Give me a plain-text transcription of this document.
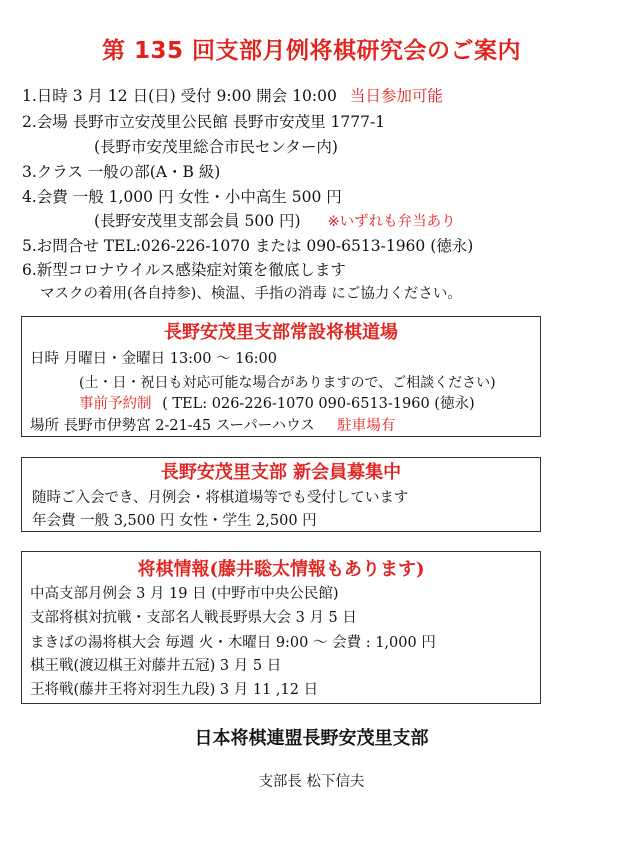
第 135 回支部月例将棋研究会のご案内
1.日時 3 月 12 日(日) 受付 9:00 開会 10:00 当日参加可能
2.会場 長野市立安茂里公民館 長野市安茂里 1777-1
(長野市安茂里総合市民センター内)
3.クラス 一般の部(A・B 級)
4.会費 一般 1,000 円 女性・小中高生 500 円
(長野安茂里支部会員 500 円) ※いずれも弁当あり
5.お問合せ TEL:026-226-1070 または 090-6513-1960 (徳永)
6.新型コロナウイルス感染症対策を徹底します
マスクの着用(各自持参)、検温、手指の消毒 にご協力ください。
長野安茂里支部常設将棋道場
日時 月曜日・金曜日 13:00 ～ 16:00
(土・日・祝日も対応可能な場合がありますので、ご相談ください)
事前予約制 ( TEL: 026-226-1070 090-6513-1960 (徳永)
場所 長野市伊勢宮 2-21-45 スーパーハウス 駐車場有
長野安茂里支部 新会員募集中
随時ご入会でき、月例会・将棋道場等でも受付しています
年会費 一般 3,500 円 女性・学生 2,500 円
将棋情報(藤井聡太情報もあります)
中高支部月例会 3 月 19 日 (中野市中央公民館)
支部将棋対抗戦・支部名人戦長野県大会 3 月 5 日
まきばの湯将棋大会 毎週 火・木曜日 9:00 ～ 会費 : 1,000 円
棋王戦(渡辺棋王対藤井五冠) 3 月 5 日
王将戦(藤井王将対羽生九段) 3 月 11 ,12 日
日本将棋連盟長野安茂里支部
支部長 松下信夫
